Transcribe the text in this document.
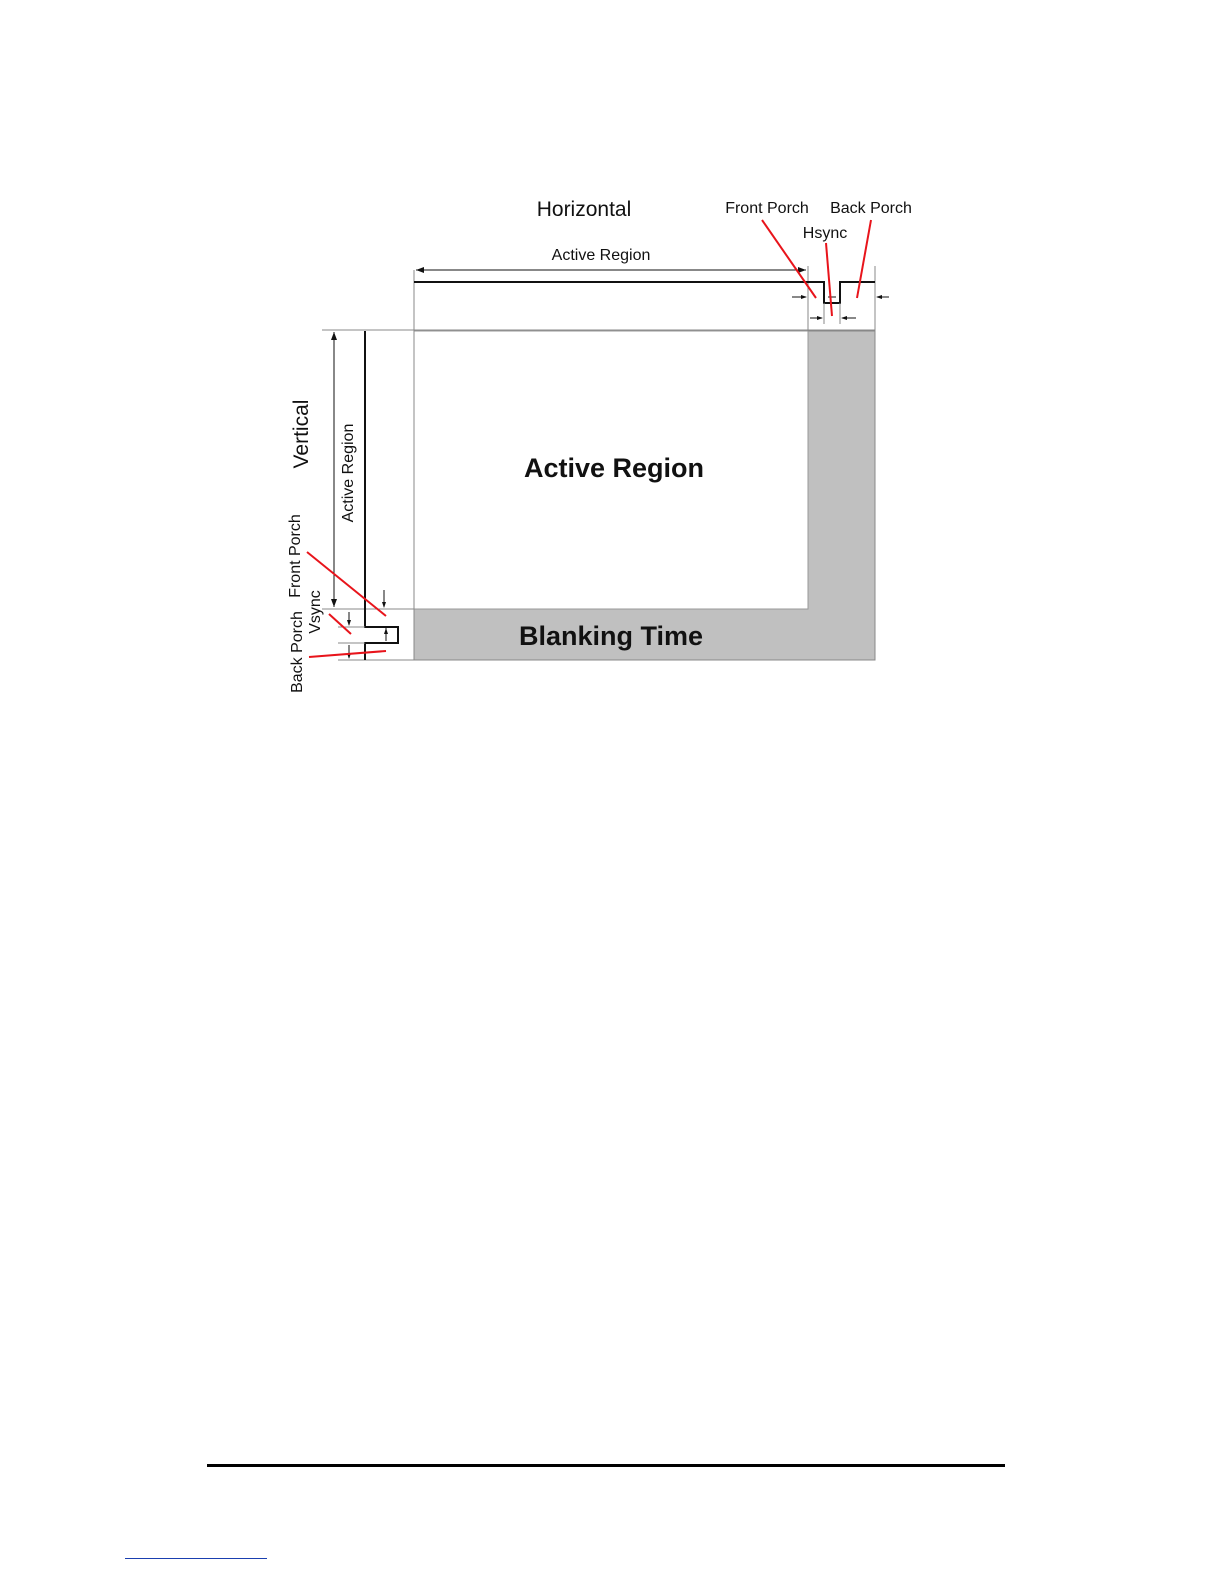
Horizontal
Active Region
Front Porch Back Porch
Hsync
Vertical Active Region
Front Porch
Vsync
Back Porch
Active Region
Blanking Time
